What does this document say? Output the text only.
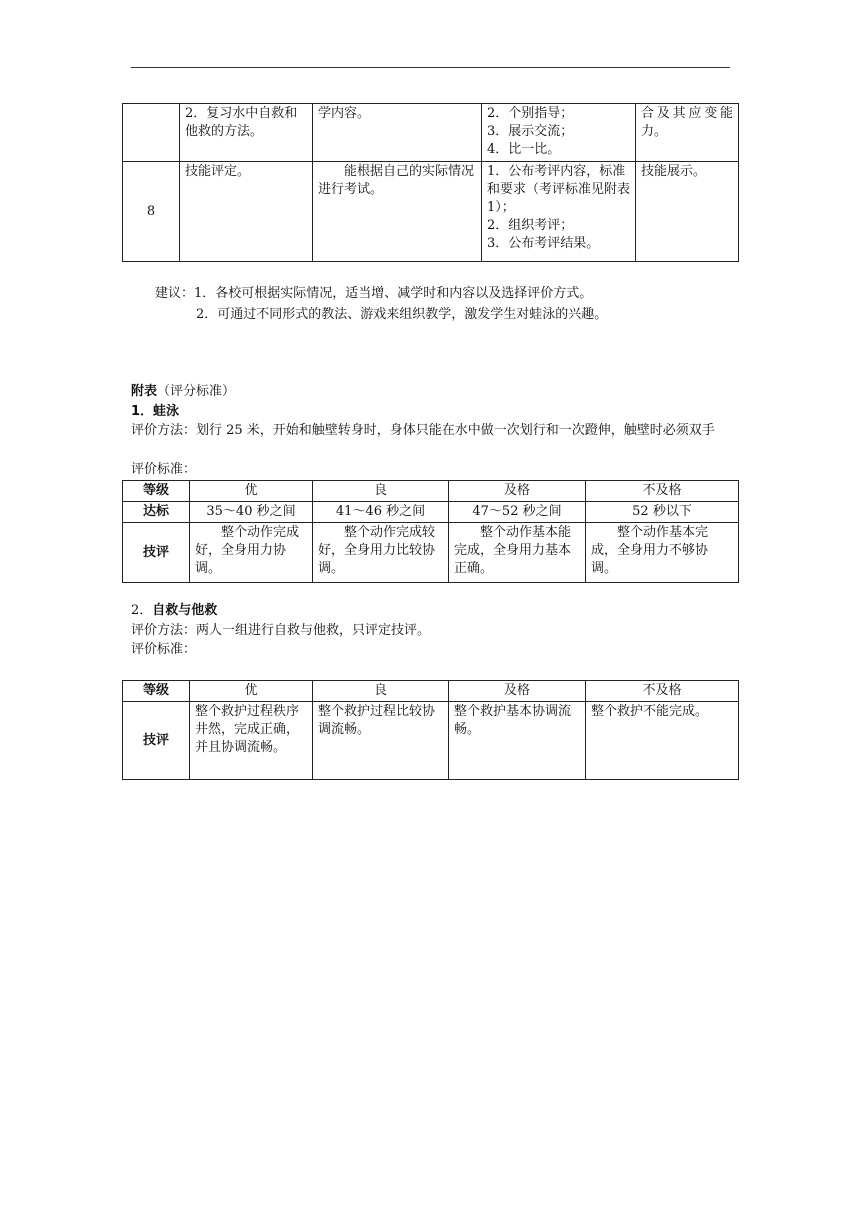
	2．复习水中自救和他救的方法。	学内容。	2．个别指导；
3．展示交流；
4．比一比。	合及其应变能力。
8	技能评定。	能根据自己的实际情况进行考试。	1．公布考评内容，标准和要求（考评标准见附表 1）；
2．组织考评；
3．公布考评结果。	技能展示。
建议：1．各校可根据实际情况，适当增、减学时和内容以及选择评价方式。
2．可通过不同形式的教法、游戏来组织教学，激发学生对蛙泳的兴趣。
附表（评分标准）
1．蛙泳
评价方法：划行 25 米，开始和触壁转身时，身体只能在水中做一次划行和一次蹬伸，触壁时必须双手
评价标准：
等级	优	良	及格	不及格
达标	35～40 秒之间	41～46 秒之间	47～52 秒之间	52 秒以下
技评	整个动作完成好，全身用力协调。	整个动作完成较好，全身用力比较协调。	整个动作基本能完成，全身用力基本正确。	整个动作基本完成，全身用力不够协调。
2．自救与他救
评价方法：两人一组进行自救与他救，只评定技评。
评价标准：
等级	优	良	及格	不及格
技评	整个救护过程秩序井然，完成正确，并且协调流畅。	整个救护过程比较协调流畅。	整个救护基本协调流畅。	整个救护不能完成。
